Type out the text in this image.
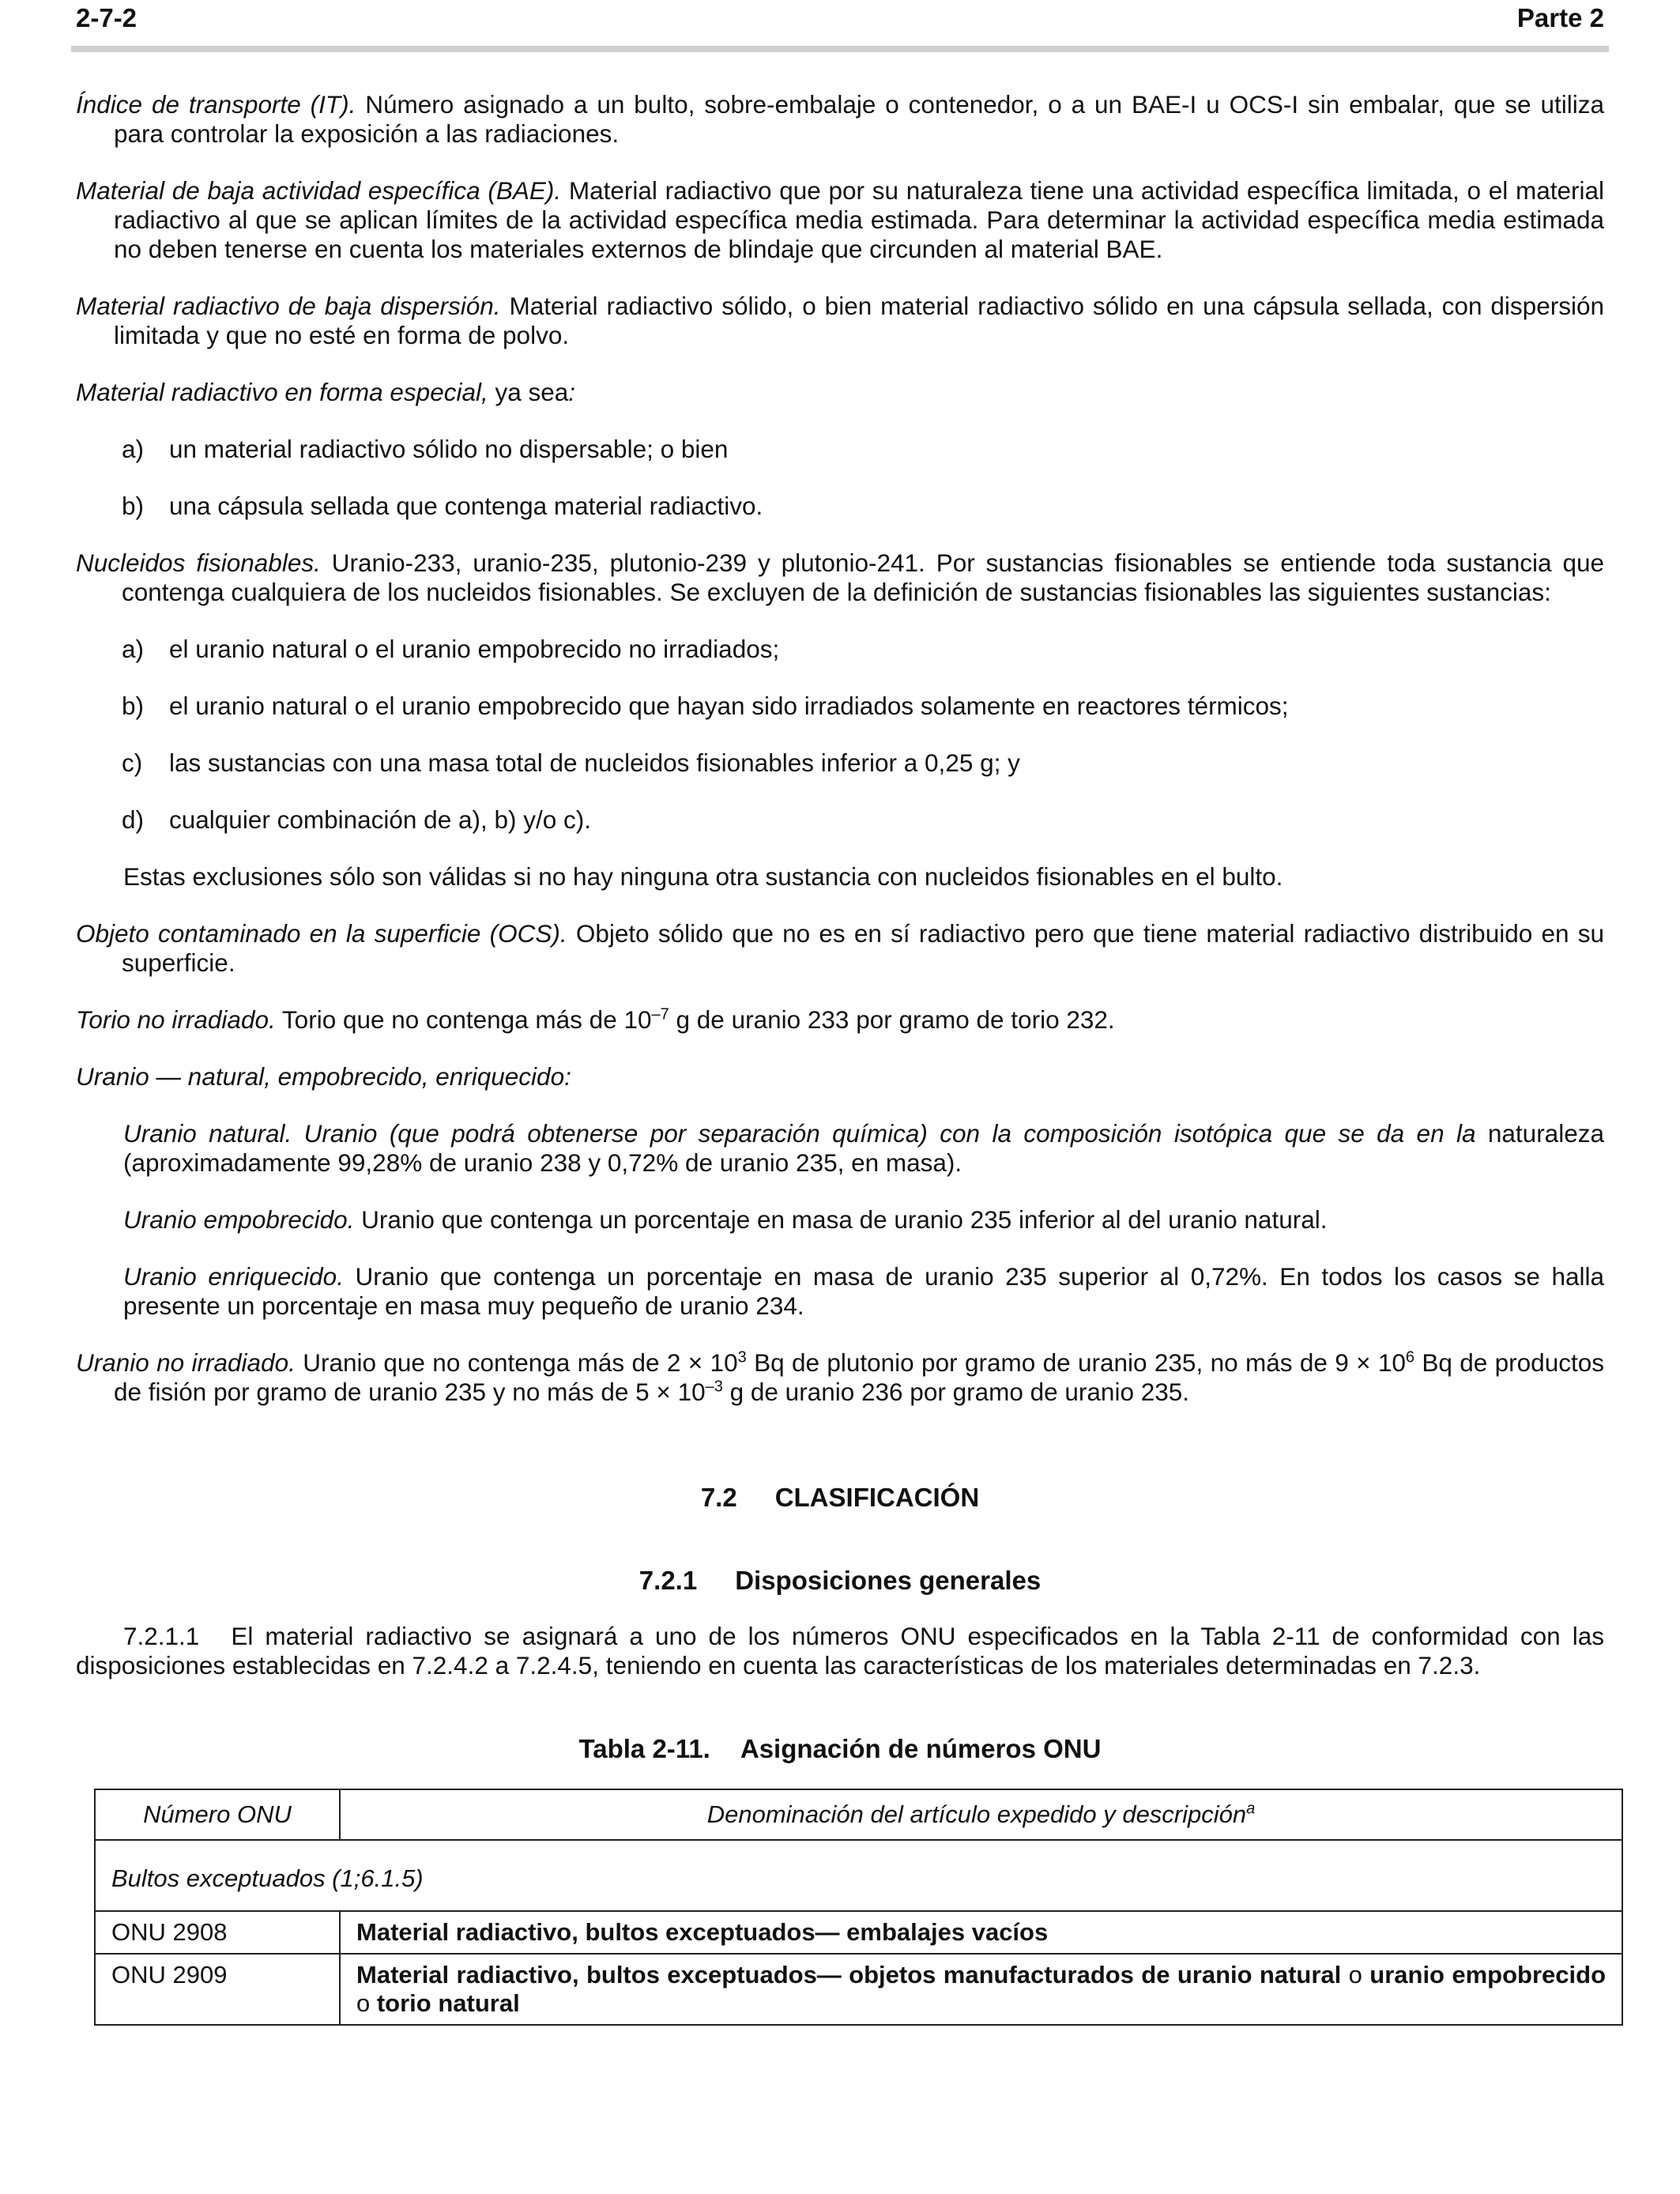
2-7-2	Parte 2

Índice de transporte (IT). Número asignado a un bulto, sobre-embalaje o contenedor, o a un BAE-I u OCS-I sin embalar, que se utiliza para controlar la exposición a las radiaciones.

Material de baja actividad específica (BAE). Material radiactivo que por su naturaleza tiene una actividad específica limitada, o el material radiactivo al que se aplican límites de la actividad específica media estimada. Para determinar la actividad específica media estimada no deben tenerse en cuenta los materiales externos de blindaje que circunden al material BAE.

Material radiactivo de baja dispersión. Material radiactivo sólido, o bien material radiactivo sólido en una cápsula sellada, con dispersión limitada y que no esté en forma de polvo.

Material radiactivo en forma especial, ya sea:

a)	un material radiactivo sólido no dispersable; o bien
b)	una cápsula sellada que contenga material radiactivo.

Nucleidos fisionables. Uranio-233, uranio-235, plutonio-239 y plutonio-241. Por sustancias fisionables se entiende toda sustancia que contenga cualquiera de los nucleidos fisionables. Se excluyen de la definición de sustancias fisionables las siguientes sustancias:

a)	el uranio natural o el uranio empobrecido no irradiados;
b)	el uranio natural o el uranio empobrecido que hayan sido irradiados solamente en reactores térmicos;
c)	las sustancias con una masa total de nucleidos fisionables inferior a 0,25 g; y
d)	cualquier combinación de a), b) y/o c).

Estas exclusiones sólo son válidas si no hay ninguna otra sustancia con nucleidos fisionables en el bulto.

Objeto contaminado en la superficie (OCS). Objeto sólido que no es en sí radiactivo pero que tiene material radiactivo distribuido en su superficie.

Torio no irradiado. Torio que no contenga más de $10^{-7}$ g de uranio 233 por gramo de torio 232.

Uranio — natural, empobrecido, enriquecido:

Uranio natural. Uranio (que podrá obtenerse por separación química) con la composición isotópica que se da en la naturaleza (aproximadamente 99,28% de uranio 238 y 0,72% de uranio 235, en masa).

Uranio empobrecido. Uranio que contenga un porcentaje en masa de uranio 235 inferior al del uranio natural.

Uranio enriquecido. Uranio que contenga un porcentaje en masa de uranio 235 superior al 0,72%. En todos los casos se halla presente un porcentaje en masa muy pequeño de uranio 234.

Uranio no irradiado. Uranio que no contenga más de $2 \times 10^3$ Bq de plutonio por gramo de uranio 235, no más de $9 \times 10^6$ Bq de productos de fisión por gramo de uranio 235 y no más de $5 \times 10^{-3}$ g de uranio 236 por gramo de uranio 235.

7.2 CLASIFICACIÓN

7.2.1 Disposiciones generales

7.2.1.1 El material radiactivo se asignará a uno de los números ONU especificados en la Tabla 2-11 de conformidad con las disposiciones establecidas en 7.2.4.2 a 7.2.4.5, teniendo en cuenta las características de los materiales determinadas en 7.2.3.

Tabla 2-11. Asignación de números ONU

Número ONU	Denominación del artículo expedido y descripción$^a$
Bultos exceptuados (1;6.1.5)	
ONU 2908	Material radiactivo, bultos exceptuados— embalajes vacíos
ONU 2909	Material radiactivo, bultos exceptuados— objetos manufacturados de uranio natural o uranio empobrecido o torio natural
